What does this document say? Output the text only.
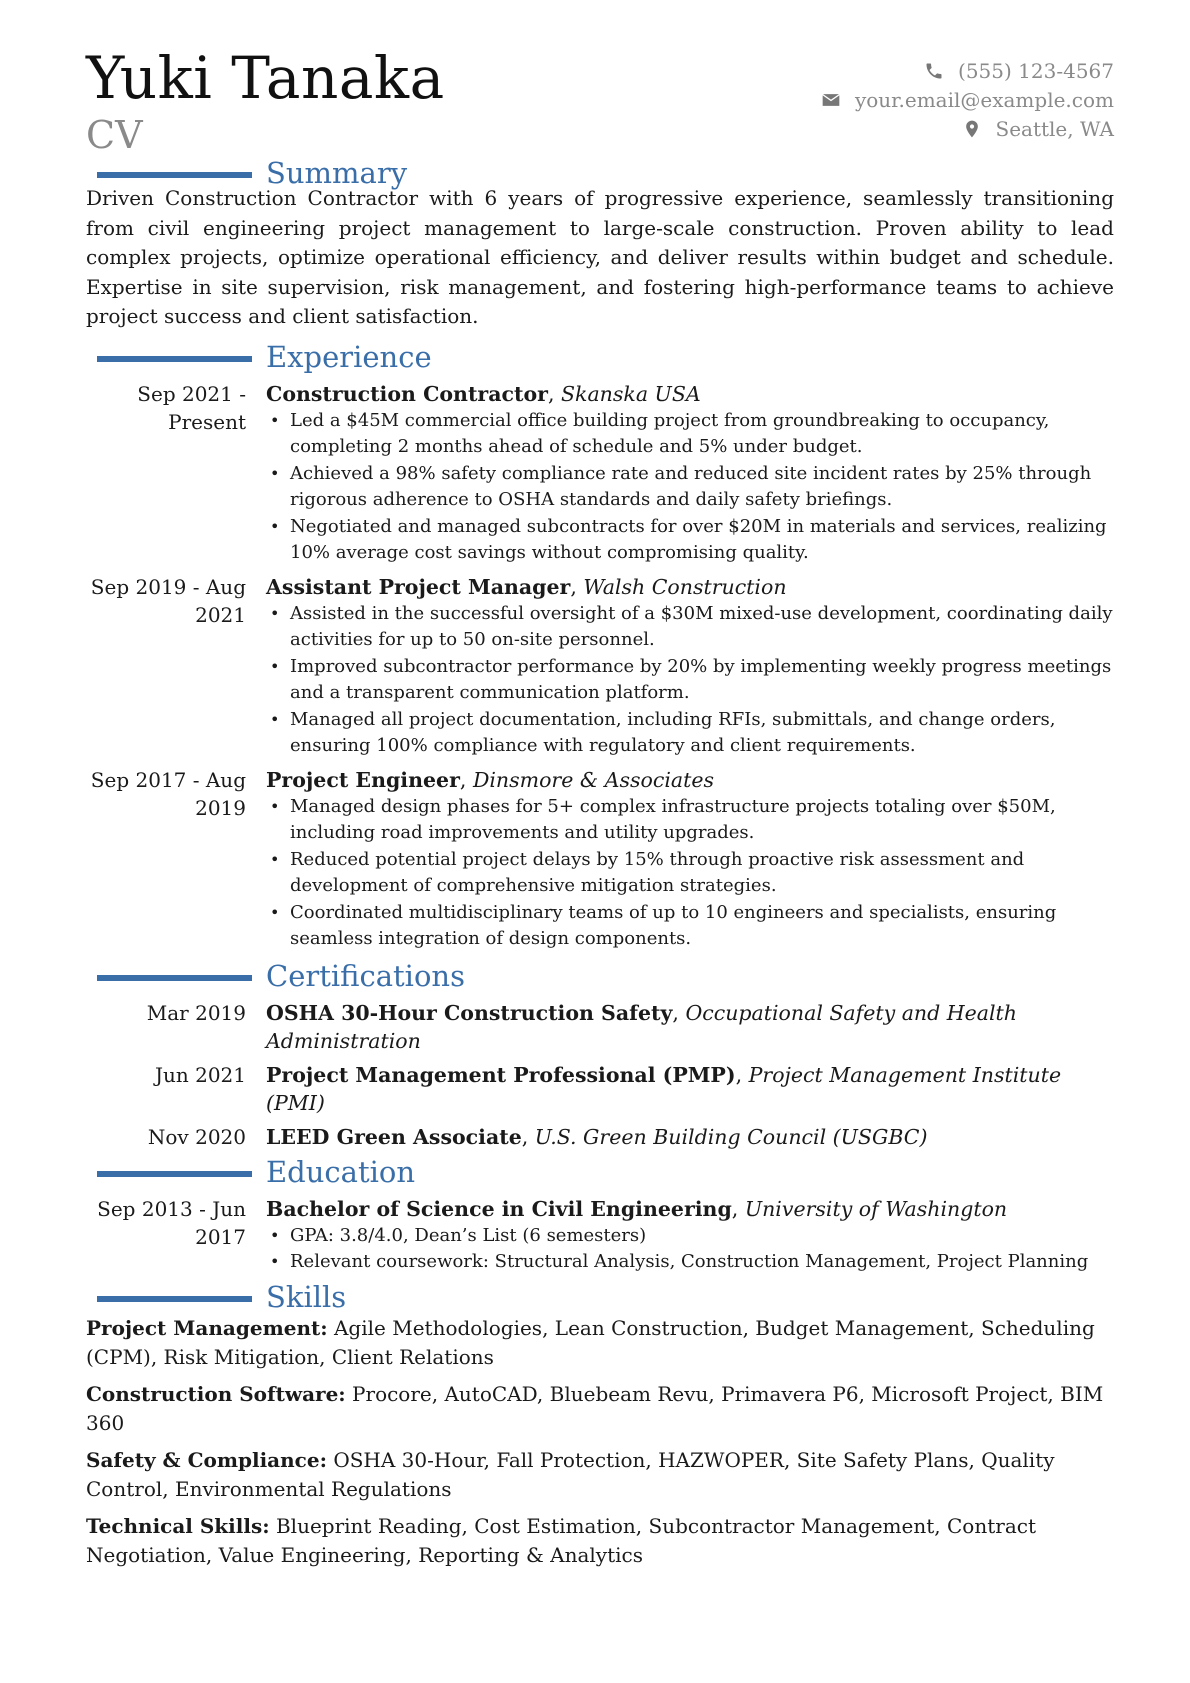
Yuki Tanaka
CV
(555) 123-4567
your.email@example.com
Seattle, WA
Summary

Driven Construction Contractor with 6 years of progressive experience, seamlessly transitioning from civil engineering project management to large-scale construction. Proven ability to lead complex projects, optimize operational efficiency, and deliver results within budget and schedule. Expertise in site supervision, risk management, and fostering high-performance teams to achieve project success and client satisfaction.

Experience
Sep 2021 - Present
Construction Contractor, Skanska USA
• Led a $45M commercial office building project from groundbreaking to occupancy, completing 2 months ahead of schedule and 5% under budget.
• Achieved a 98% safety compliance rate and reduced site incident rates by 25% through rigorous adherence to OSHA standards and daily safety briefings.
• Negotiated and managed subcontracts for over $20M in materials and services, realizing 10% average cost savings without compromising quality.
Sep 2019 - Aug 2021
Assistant Project Manager, Walsh Construction
• Assisted in the successful oversight of a $30M mixed-use development, coordinating daily activities for up to 50 on-site personnel.
• Improved subcontractor performance by 20% by implementing weekly progress meetings and a transparent communication platform.
• Managed all project documentation, including RFIs, submittals, and change orders, ensuring 100% compliance with regulatory and client requirements.
Sep 2017 - Aug 2019
Project Engineer, Dinsmore & Associates
• Managed design phases for 5+ complex infrastructure projects totaling over $50M, including road improvements and utility upgrades.
• Reduced potential project delays by 15% through proactive risk assessment and development of comprehensive mitigation strategies.
• Coordinated multidisciplinary teams of up to 10 engineers and specialists, ensuring seamless integration of design components.
Certifications
Mar 2019 OSHA 30-Hour Construction Safety, Occupational Safety and Health Administration
Jun 2021 Project Management Professional (PMP), Project Management Institute (PMI)
Nov 2020 LEED Green Associate, U.S. Green Building Council (USGBC)
Education
Sep 2013 - Jun 2017
Bachelor of Science in Civil Engineering, University of Washington
• GPA: 3.8/4.0, Dean’s List (6 semesters)
• Relevant coursework: Structural Analysis, Construction Management, Project Planning
Skills
Project Management: Agile Methodologies, Lean Construction, Budget Management, Scheduling (CPM), Risk Mitigation, Client Relations
Construction Software: Procore, AutoCAD, Bluebeam Revu, Primavera P6, Microsoft Project, BIM 360
Safety & Compliance: OSHA 30-Hour, Fall Protection, HAZWOPER, Site Safety Plans, Quality Control, Environmental Regulations
Technical Skills: Blueprint Reading, Cost Estimation, Subcontractor Management, Contract Negotiation, Value Engineering, Reporting & Analytics
